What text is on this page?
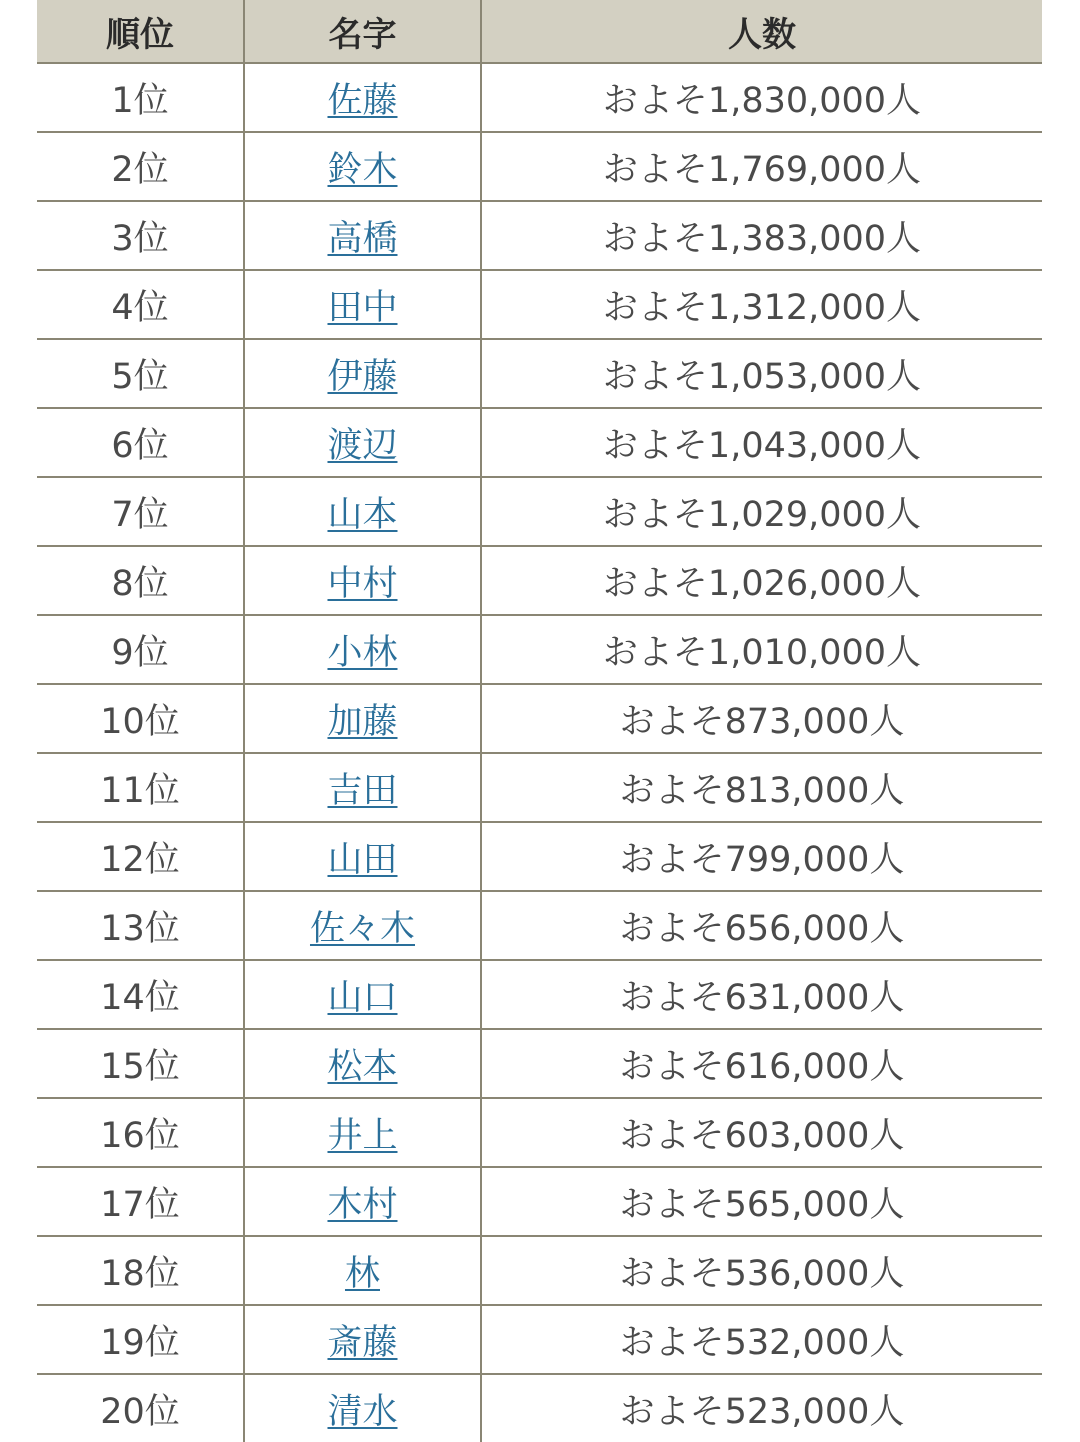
順位	名字	人数
1位	佐藤	およそ1,830,000人
2位	鈴木	およそ1,769,000人
3位	高橋	およそ1,383,000人
4位	田中	およそ1,312,000人
5位	伊藤	およそ1,053,000人
6位	渡辺	およそ1,043,000人
7位	山本	およそ1,029,000人
8位	中村	およそ1,026,000人
9位	小林	およそ1,010,000人
10位	加藤	およそ873,000人
11位	吉田	およそ813,000人
12位	山田	およそ799,000人
13位	佐々木	およそ656,000人
14位	山口	およそ631,000人
15位	松本	およそ616,000人
16位	井上	およそ603,000人
17位	木村	およそ565,000人
18位	林	およそ536,000人
19位	斎藤	およそ532,000人
20位	清水	およそ523,000人
